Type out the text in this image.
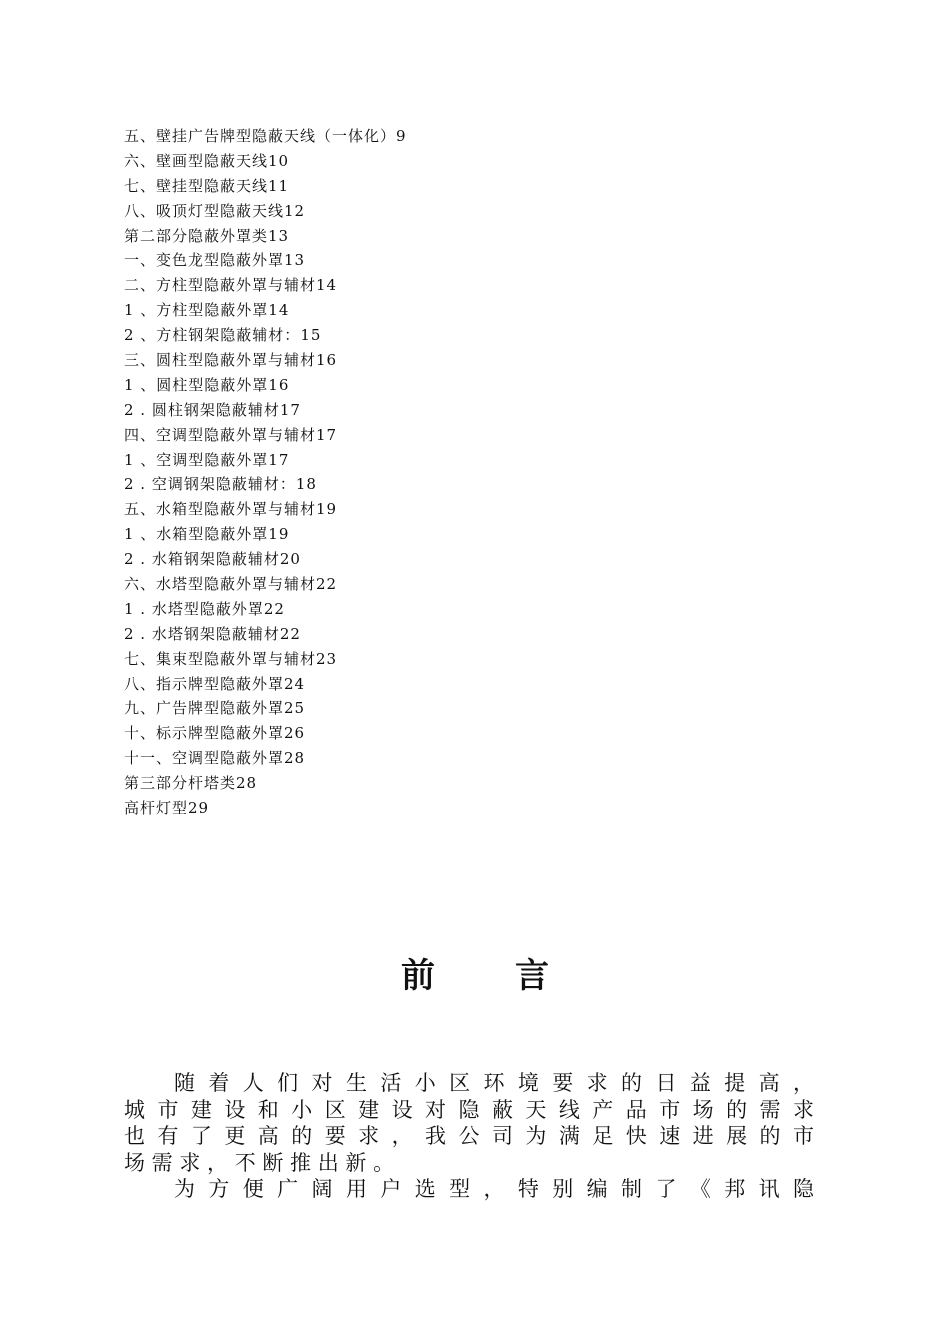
五、壁挂广告牌型隐蔽天线（一体化）9
六、壁画型隐蔽天线10
七、壁挂型隐蔽天线11
八、吸顶灯型隐蔽天线12
第二部分隐蔽外罩类13
一、变色龙型隐蔽外罩13
二、方柱型隐蔽外罩与辅材14
1 、方柱型隐蔽外罩14
2 、方柱钢架隐蔽辅材：15
三、圆柱型隐蔽外罩与辅材16
1 、圆柱型隐蔽外罩16
2 . 圆柱钢架隐蔽辅材17
四、空调型隐蔽外罩与辅材17
1 、空调型隐蔽外罩17
2 . 空调钢架隐蔽辅材：18
五、水箱型隐蔽外罩与辅材19
1 、水箱型隐蔽外罩19
2 . 水箱钢架隐蔽辅材20
六、水塔型隐蔽外罩与辅材22
1 . 水塔型隐蔽外罩22
2 . 水塔钢架隐蔽辅材22
七、集束型隐蔽外罩与辅材23
八、指示牌型隐蔽外罩24
九、广告牌型隐蔽外罩25
十、标示牌型隐蔽外罩26
十一、空调型隐蔽外罩28
第三部分杆塔类28
高杆灯型29
前 言
随 着 人 们 对 生 活 小 区 环 境 要 求 的 日 益 提 高 ，
城 市 建 设 和 小 区 建 设 对 隐 蔽 天 线 产 品 市 场 的 需 求
也 有 了 更 高 的 要 求 ， 我 公 司 为 满 足 快 速 进 展 的 市
场 需 求 ， 不 断 推 出 新 。
为 方 便 广 阔 用 户 选 型 ， 特 别 编 制 了 《 邦 讯 隐
